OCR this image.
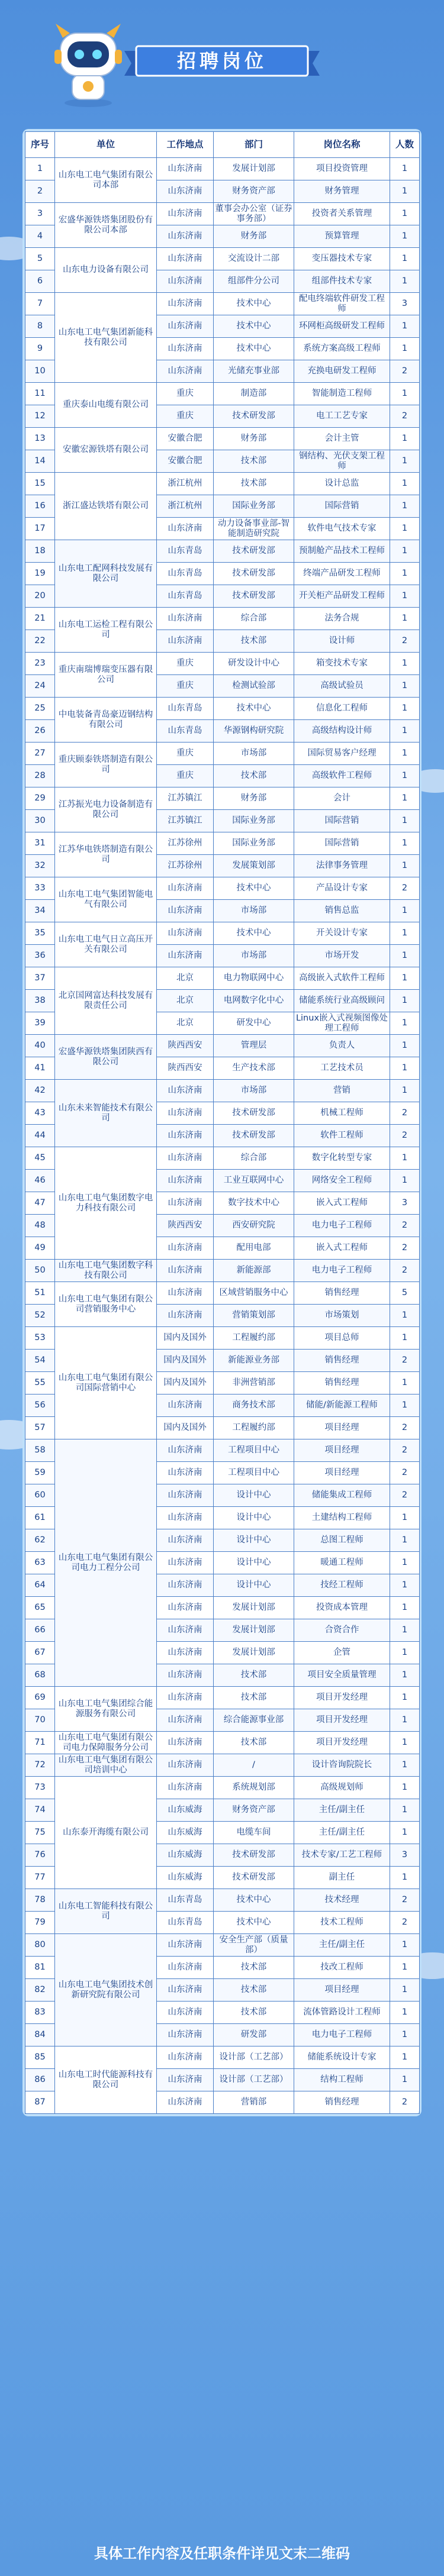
招聘岗位
序号	单位	工作地点	部门	岗位名称	人数
1	山东电工电气集团有限公司本部	山东济南	发展计划部	项目投资管理	1
2		山东济南	财务资产部	财务管理	1
3	宏盛华源铁塔集团股份有限公司本部	山东济南	董事会办公室（证券事务部）	投资者关系管理	1
4		山东济南	财务部	预算管理	1
5	山东电力设备有限公司	山东济南	交流设计二部	变压器技术专家	1
6		山东济南	组部件分公司	组部件技术专家	1
7	山东电工电气集团新能科技有限公司	山东济南	技术中心	配电终端软件研发工程师	3
8		山东济南	技术中心	环网柜高级研发工程师	1
9		山东济南	技术中心	系统方案高级工程师	1
10		山东济南	光储充事业部	充换电研发工程师	2
11	重庆泰山电缆有限公司	重庆	制造部	智能制造工程师	1
12		重庆	技术研发部	电工工艺专家	2
13	安徽宏源铁塔有限公司	安徽合肥	财务部	会计主管	1
14		安徽合肥	技术部	钢结构、光伏支架工程师	1
15	浙江盛达铁塔有限公司	浙江杭州	技术部	设计总监	1
16		浙江杭州	国际业务部	国际营销	1
17		山东济南	动力设备事业部-智能制造研究院	软件电气技术专家	1
18	山东电工配网科技发展有限公司	山东青岛	技术研发部	预制舱产品技术工程师	1
19		山东青岛	技术研发部	终端产品研发工程师	1
20		山东青岛	技术研发部	开关柜产品研发工程师	1
21	山东电工运检工程有限公司	山东济南	综合部	法务合规	1
22		山东济南	技术部	设计师	2
23	重庆南瑞博瑞变压器有限公司	重庆	研发设计中心	箱变技术专家	1
24		重庆	检测试验部	高级试验员	1
25	中电装备青岛豪迈钢结构有限公司	山东青岛	技术中心	信息化工程师	1
26		山东青岛	华源钢构研究院	高级结构设计师	1
27	重庆顾泰铁塔制造有限公司	重庆	市场部	国际贸易客户经理	1
28		重庆	技术部	高级软件工程师	1
29	江苏振光电力设备制造有限公司	江苏镇江	财务部	会计	1
30		江苏镇江	国际业务部	国际营销	1
31	江苏华电铁塔制造有限公司	江苏徐州	国际业务部	国际营销	1
32		江苏徐州	发展策划部	法律事务管理	1
33	山东电工电气集团智能电气有限公司	山东济南	技术中心	产品设计专家	2
34		山东济南	市场部	销售总监	1
35	山东电工电气日立高压开关有限公司	山东济南	技术中心	开关设计专家	1
36		山东济南	市场部	市场开发	1
37	北京国网富达科技发展有限责任公司	北京	电力物联网中心	高级嵌入式软件工程师	1
38		北京	电网数字化中心	储能系统行业高级顾问	1
39		北京	研发中心	Linux嵌入式视频图像处理工程师	1
40	宏盛华源铁塔集团陕西有限公司	陕西西安	管理层	负责人	1
41		陕西西安	生产技术部	工艺技术员	1
42	山东未来智能技术有限公司	山东济南	市场部	营销	1
43		山东济南	技术研发部	机械工程师	2
44		山东济南	技术研发部	软件工程师	2
45	山东电工电气集团数字电力科技有限公司	山东济南	综合部	数字化转型专家	1
46		山东济南	工业互联网中心	网络安全工程师	1
47		山东济南	数字技术中心	嵌入式工程师	3
48		陕西西安	西安研究院	电力电子工程师	2
49		山东济南	配用电部	嵌入式工程师	2
50	山东电工电气集团数字科技有限公司	山东济南	新能源部	电力电子工程师	2
51	山东电工电气集团有限公司营销服务中心	山东济南	区域营销服务中心	销售经理	5
52		山东济南	营销策划部	市场策划	1
53	山东电工电气集团有限公司国际营销中心	国内及国外	工程履约部	项目总师	1
54		国内及国外	新能源业务部	销售经理	2
55		国内及国外	非洲营销部	销售经理	1
56		山东济南	商务技术部	储能/新能源工程师	1
57		国内及国外	工程履约部	项目经理	2
58	山东电工电气集团有限公司电力工程分公司	山东济南	工程项目中心	项目经理	2
59		山东济南	工程项目中心	项目经理	2
60		山东济南	设计中心	储能集成工程师	2
61		山东济南	设计中心	土建结构工程师	1
62		山东济南	设计中心	总图工程师	1
63		山东济南	设计中心	暖通工程师	1
64		山东济南	设计中心	技经工程师	1
65		山东济南	发展计划部	投资成本管理	1
66		山东济南	发展计划部	合资合作	1
67		山东济南	发展计划部	企管	1
68		山东济南	技术部	项目安全质量管理	1
69	山东电工电气集团综合能源服务有限公司	山东济南	技术部	项目开发经理	1
70		山东济南	综合能源事业部	项目开发经理	1
71	山东电工电气集团有限公司电力保障服务分公司	山东济南	技术部	项目开发经理	1
72	山东电工电气集团有限公司培训中心	山东济南	/	设计咨询院院长	1
73	山东泰开海缆有限公司	山东济南	系统规划部	高级规划师	1
74		山东威海	财务资产部	主任/副主任	1
75		山东威海	电缆车间	主任/副主任	1
76		山东威海	技术研发部	技术专家/工艺工程师	3
77		山东威海	技术研发部	副主任	1
78	山东电工智能科技有限公司	山东青岛	技术中心	技术经理	2
79		山东青岛	技术中心	技术工程师	2
80	山东电工电气集团技术创新研究院有限公司	山东济南	安全生产部（质量部）	主任/副主任	1
81		山东济南	技术部	技改工程师	1
82		山东济南	技术部	项目经理	1
83		山东济南	技术部	流体管路设计工程师	1
84		山东济南	研发部	电力电子工程师	1
85	山东电工时代能源科技有限公司	山东济南	设计部（工艺部）	储能系统设计专家	1
86		山东济南	设计部（工艺部）	结构工程师	1
87		山东济南	营销部	销售经理	2
具体工作内容及任职条件详见文末二维码
